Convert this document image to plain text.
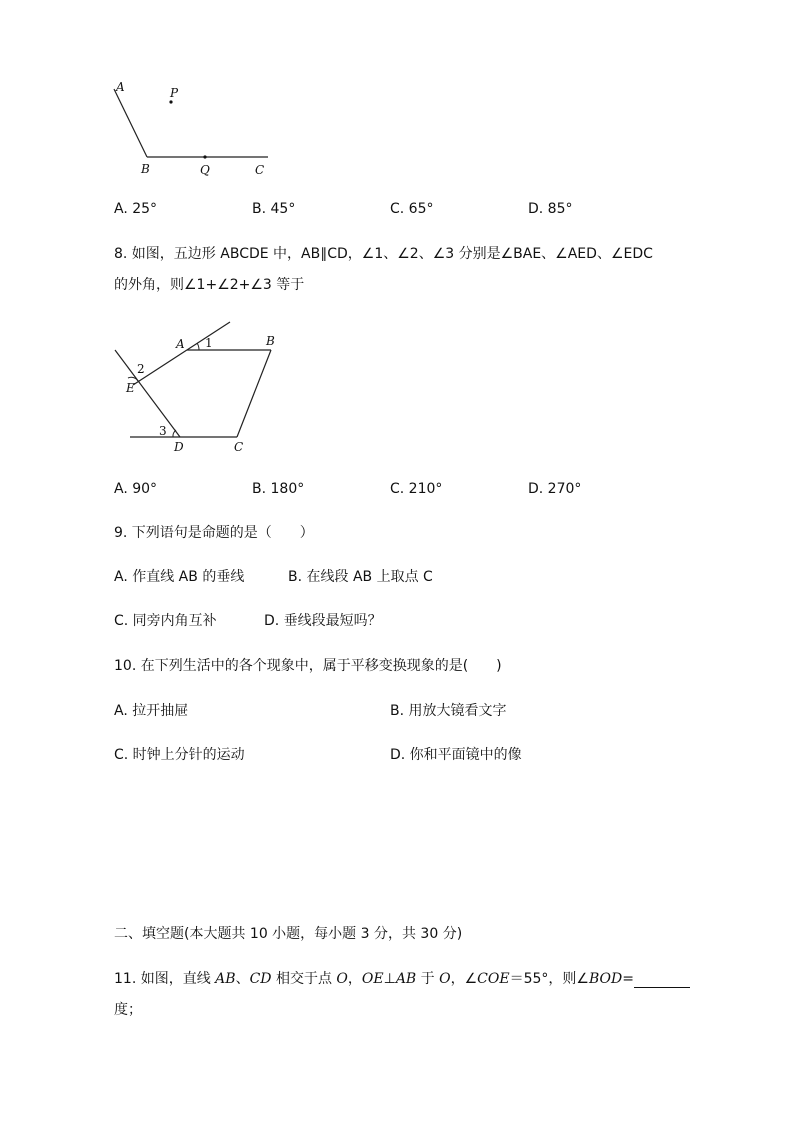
A	P
B	Q	C
A. 25°	B. 45°	C. 65°	D. 85°
8. 如图，五边形 ABCDE 中，AB∥CD，∠1、∠2、∠3 分别是∠BAE、∠AED、∠EDC
的外角，则∠1+∠2+∠3 等于
A	B
C
D
E
1
2
3
A. 90°	B. 180°	C. 210°	D. 270°
9. 下列语句是命题的是（　　）
A. 作直线 AB 的垂线	B. 在线段 AB 上取点 C
C. 同旁内角互补	D. 垂线段最短吗？
10. 在下列生活中的各个现象中，属于平移变换现象的是(　　)
A. 拉开抽屉	B. 用放大镜看文字
C. 时钟上分针的运动	D. 你和平面镜中的像
二、填空题(本大题共 10 小题，每小题 3 分，共 30 分)
11. 如图，直线 AB、CD 相交于点 O，OE⊥AB 于 O，∠COE＝55°，则∠BOD=
度；
